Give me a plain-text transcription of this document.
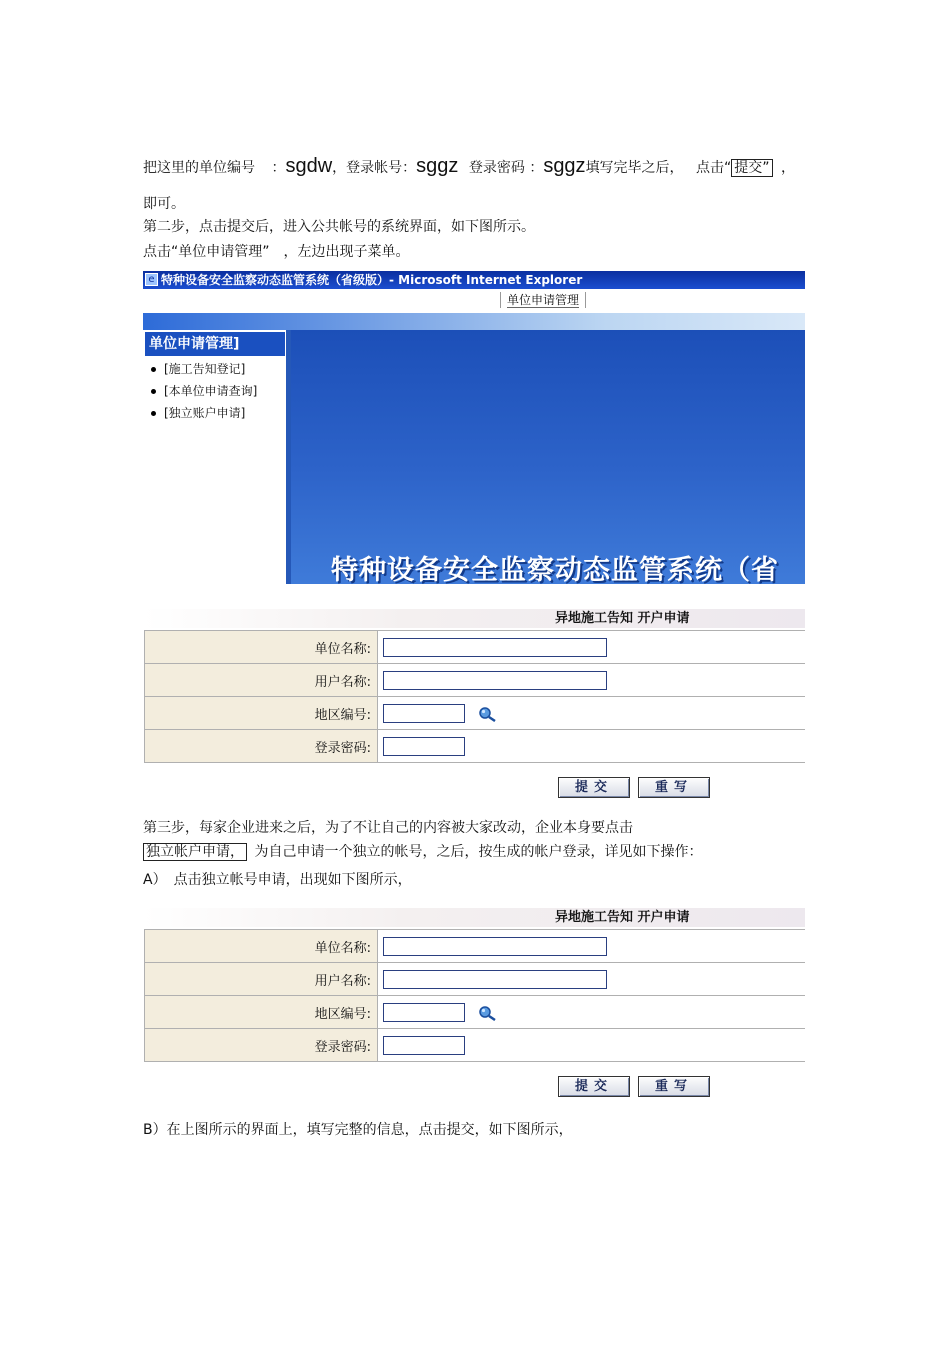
把这里的单位编号 ：sgdw，登录帐号：sggz 登录密码 ：sggz填写完毕之后， 点击“ 提交” ，
即可。
第二步，点击提交后，进入公共帐号的系统界面，如下图所示。
点击“单位申请管理”　，左边出现子菜单。
特种设备安全监察动态监管系统（省级版）- Microsoft Internet Explorer
e
单位申请管理
单位申请管理]
[施工告知登记]
[本单位申请查询]
[独立账户申请]
特种设备安全监察动态监管系统（省
异地施工告知 开户申请
单位名称:	
用户名称:	
地区编号:	
登录密码:	
提交	重写
第三步，每家企业进来之后，为了不让自己的内容被大家改动，企业本身要点击
独立帐户申请， 为自己申请一个独立的帐号，之后，按生成的帐户登录，详见如下操作：
A）　点击独立帐号申请，出现如下图所示，
异地施工告知 开户申请
单位名称:	
用户名称:	
地区编号:	
登录密码:	
提交	重写
B）在上图所示的界面上，填写完整的信息，点击提交，如下图所示，
